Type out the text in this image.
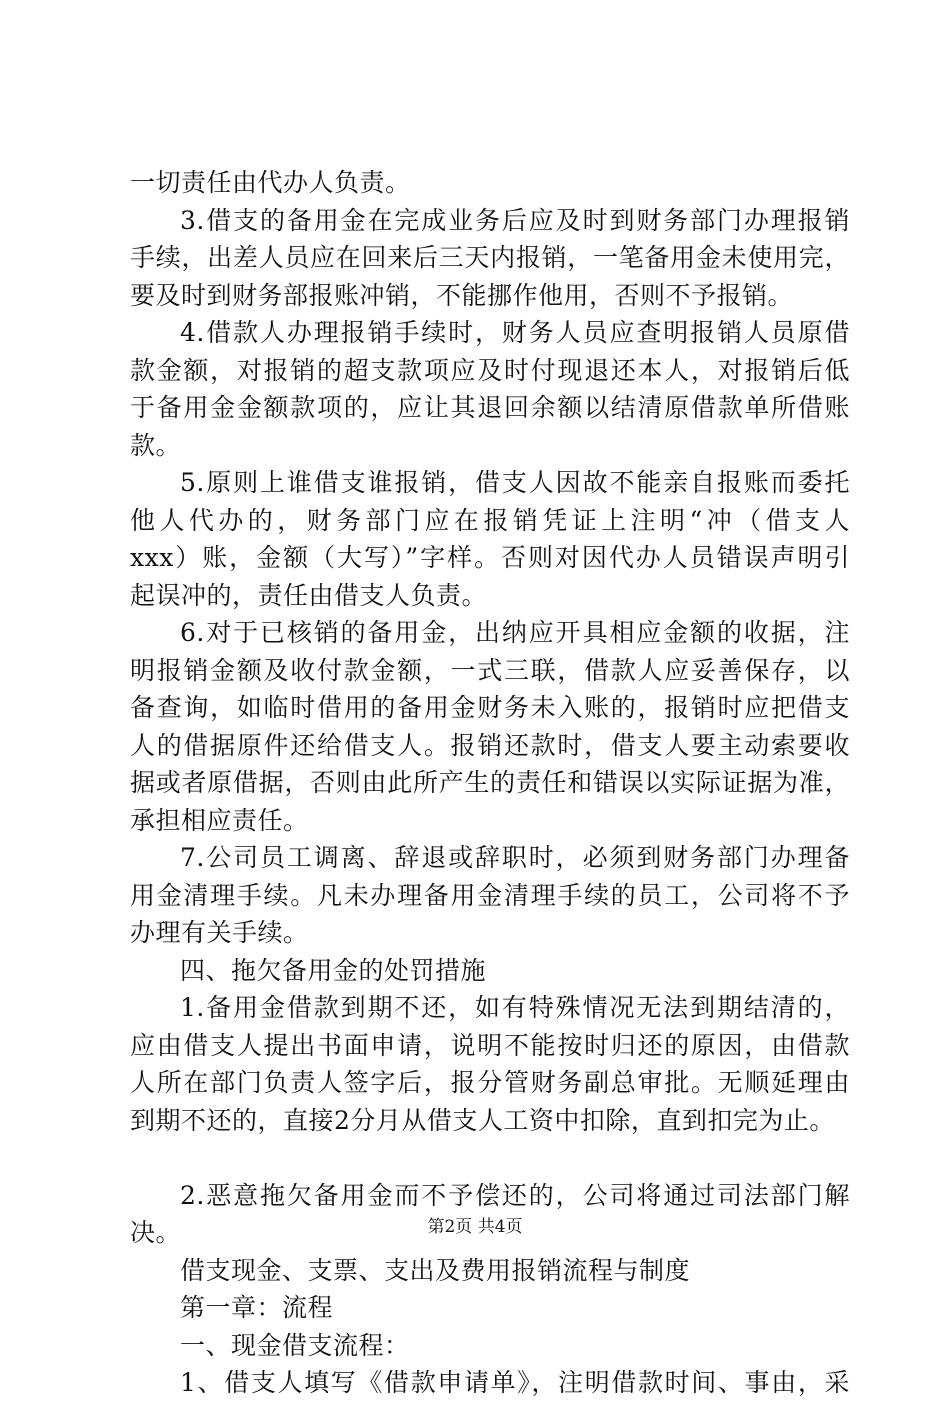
一切责任由代办人负责。
3.借支的备用金在完成业务后应及时到财务部门办理报销
手续，出差人员应在回来后三天内报销，一笔备用金未使用完，
要及时到财务部报账冲销，不能挪作他用，否则不予报销。
4.借款人办理报销手续时，财务人员应查明报销人员原借
款金额，对报销的超支款项应及时付现退还本人，对报销后低
于备用金金额款项的，应让其退回余额以结清原借款单所借账
款。
5.原则上谁借支谁报销，借支人因故不能亲自报账而委托
他人代办的，财务部门应在报销凭证上注明“冲（借支人
xxx）账，金额（大写）”字样。否则对因代办人员错误声明引
起误冲的，责任由借支人负责。
6.对于已核销的备用金，出纳应开具相应金额的收据，注
明报销金额及收付款金额，一式三联，借款人应妥善保存，以
备查询，如临时借用的备用金财务未入账的，报销时应把借支
人的借据原件还给借支人。报销还款时，借支人要主动索要收
据或者原借据，否则由此所产生的责任和错误以实际证据为准，
承担相应责任。
7.公司员工调离、辞退或辞职时，必须到财务部门办理备
用金清理手续。凡未办理备用金清理手续的员工，公司将不予
办理有关手续。
四、拖欠备用金的处罚措施
1.备用金借款到期不还，如有特殊情况无法到期结清的，
应由借支人提出书面申请，说明不能按时归还的原因，由借款
人所在部门负责人签字后，报分管财务副总审批。无顺延理由
到期不还的，直接2分月从借支人工资中扣除，直到扣完为止。
2.恶意拖欠备用金而不予偿还的，公司将通过司法部门解
决。
借支现金、支票、支出及费用报销流程与制度
第一章：流程
一、现金借支流程：
1、借支人填写《借款申请单》，注明借款时间、事由，采
第2页 共4页
